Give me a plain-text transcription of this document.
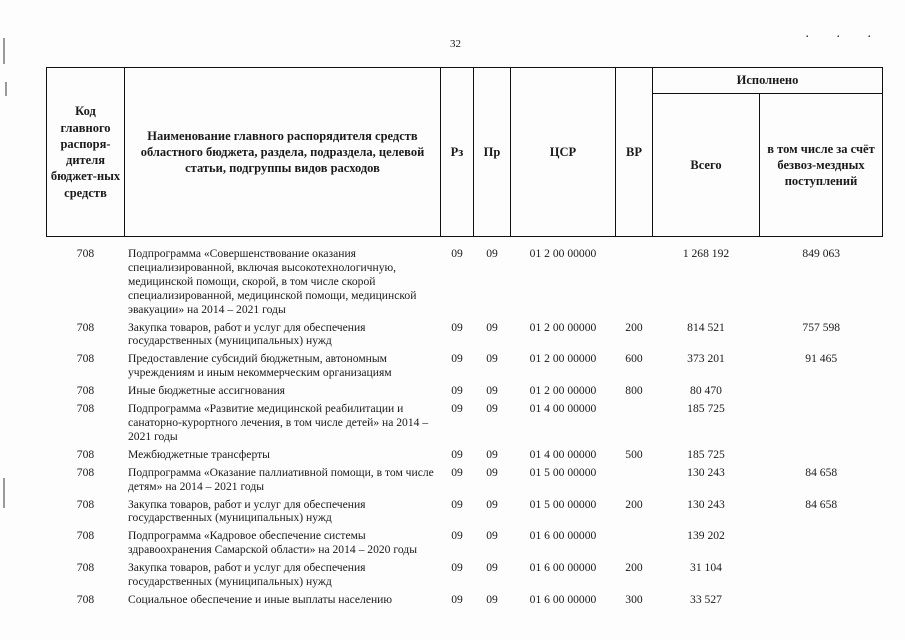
. . .
32
Код главного распоря-дителя бюджет-ных средств	Наименование главного распорядителя средств областного бюджета, раздела, подраздела, целевой статьи, подгруппы видов расходов	Рз	Пр	ЦСР	ВР	Исполнено	
						Всего	в том числе за счёт безвоз-мездных поступлений

708	Подпрограмма «Совершенствование оказания специализированной, включая высокотехнологичную, медицинской помощи, скорой, в том числе скорой специализированной, медицинской помощи, медицинской эвакуации» на 2014 – 2021 годы	09	09	01 2 00 00000		1 268 192	849 063
708	Закупка товаров, работ и услуг для обеспечения государственных (муниципальных) нужд	09	09	01 2 00 00000	200	814 521	757 598
708	Предоставление субсидий бюджетным, автономным учреждениям и иным некоммерческим организациям	09	09	01 2 00 00000	600	373 201	91 465
708	Иные бюджетные ассигнования	09	09	01 2 00 00000	800	80 470	
708	Подпрограмма «Развитие медицинской реабилитации и санаторно-курортного лечения, в том числе детей» на 2014 – 2021 годы	09	09	01 4 00 00000		185 725	
708	Межбюджетные трансферты	09	09	01 4 00 00000	500	185 725	
708	Подпрограмма «Оказание паллиативной помощи, в том числе детям» на 2014 – 2021 годы	09	09	01 5 00 00000		130 243	84 658
708	Закупка товаров, работ и услуг для обеспечения государственных (муниципальных) нужд	09	09	01 5 00 00000	200	130 243	84 658
708	Подпрограмма «Кадровое обеспечение системы здравоохранения Самарской области» на 2014 – 2020 годы	09	09	01 6 00 00000		139 202	
708	Закупка товаров, работ и услуг для обеспечения государственных (муниципальных) нужд	09	09	01 6 00 00000	200	31 104	
708	Социальное обеспечение и иные выплаты населению	09	09	01 6 00 00000	300	33 527	
